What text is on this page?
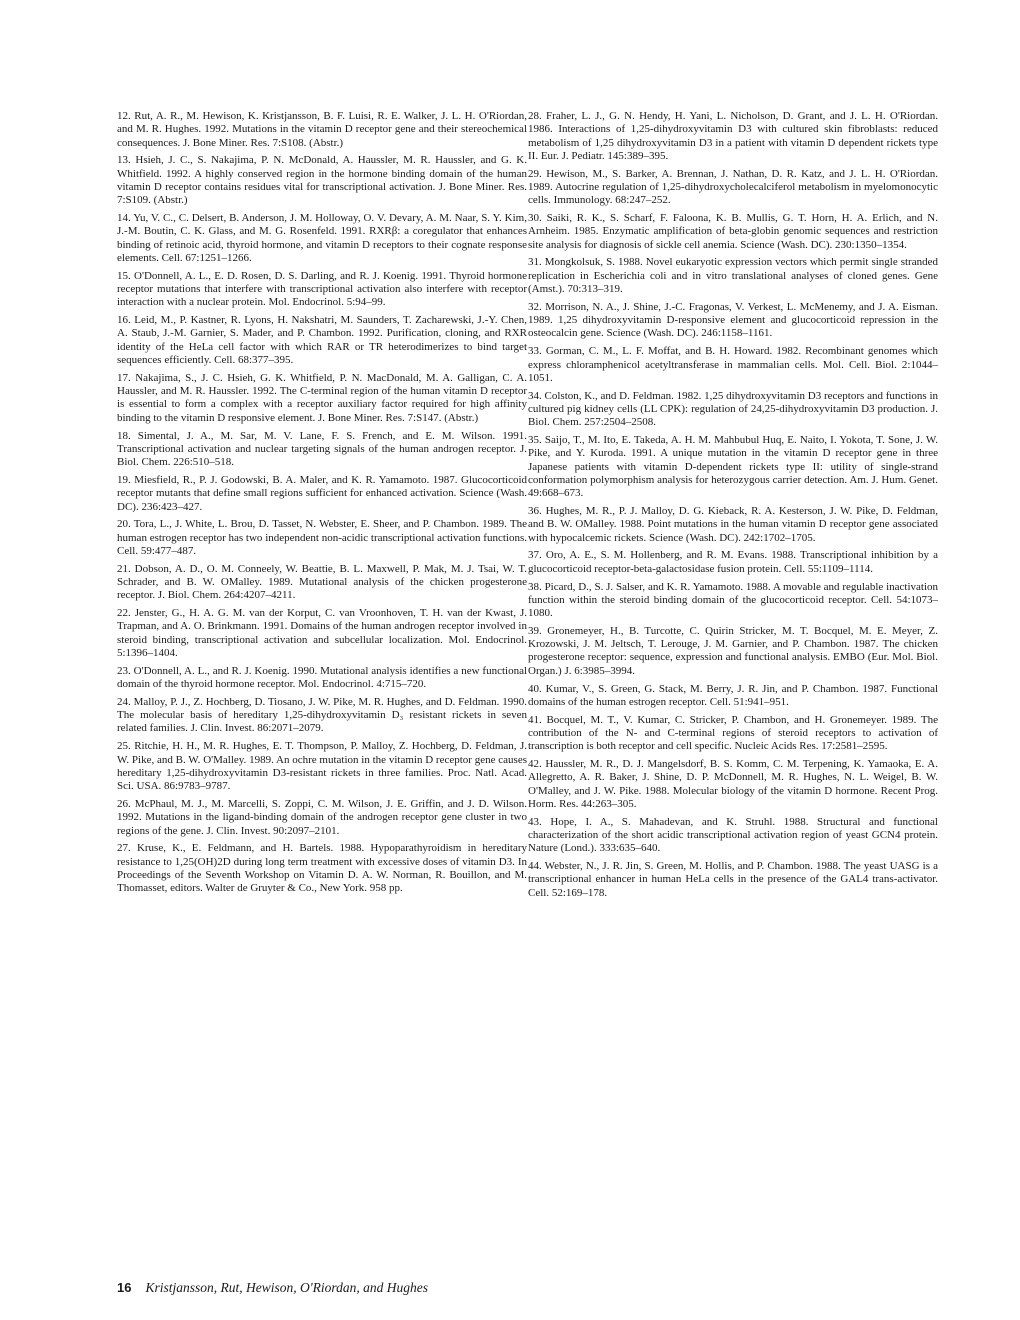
12. Rut, A. R., M. Hewison, K. Kristjansson, B. F. Luisi, R. E. Walker, J. L. H. O'Riordan, and M. R. Hughes. 1992. Mutations in the vitamin D receptor gene and their stereochemical consequences. J. Bone Miner. Res. 7:S108. (Abstr.)

13. Hsieh, J. C., S. Nakajima, P. N. McDonald, A. Haussler, M. R. Haussler, and G. K. Whitfield. 1992. A highly conserved region in the hormone binding domain of the human vitamin D receptor contains residues vital for transcriptional activation. J. Bone Miner. Res. 7:S109. (Abstr.)

14. Yu, V. C., C. Delsert, B. Anderson, J. M. Holloway, O. V. Devary, A. M. Naar, S. Y. Kim, J.-M. Boutin, C. K. Glass, and M. G. Rosenfeld. 1991. RXRβ: a coregulator that enhances binding of retinoic acid, thyroid hormone, and vitamin D receptors to their cognate response elements. Cell. 67:1251–1266.

15. O'Donnell, A. L., E. D. Rosen, D. S. Darling, and R. J. Koenig. 1991. Thyroid hormone receptor mutations that interfere with transcriptional activation also interfere with receptor interaction with a nuclear protein. Mol. Endocrinol. 5:94–99.

16. Leid, M., P. Kastner, R. Lyons, H. Nakshatri, M. Saunders, T. Zacharewski, J.-Y. Chen, A. Staub, J.-M. Garnier, S. Mader, and P. Chambon. 1992. Purification, cloning, and RXR identity of the HeLa cell factor with which RAR or TR heterodimerizes to bind target sequences efficiently. Cell. 68:377–395.

17. Nakajima, S., J. C. Hsieh, G. K. Whitfield, P. N. MacDonald, M. A. Galligan, C. A. Haussler, and M. R. Haussler. 1992. The C-terminal region of the human vitamin D receptor is essential to form a complex with a receptor auxiliary factor required for high affinity binding to the vitamin D responsive element. J. Bone Miner. Res. 7:S147. (Abstr.)

18. Simental, J. A., M. Sar, M. V. Lane, F. S. French, and E. M. Wilson. 1991. Transcriptional activation and nuclear targeting signals of the human androgen receptor. J. Biol. Chem. 226:510–518.

19. Miesfield, R., P. J. Godowski, B. A. Maler, and K. R. Yamamoto. 1987. Glucocorticoid receptor mutants that define small regions sufficient for enhanced activation. Science (Wash. DC). 236:423–427.

20. Tora, L., J. White, L. Brou, D. Tasset, N. Webster, E. Sheer, and P. Chambon. 1989. The human estrogen receptor has two independent non-acidic transcriptional activation functions. Cell. 59:477–487.

21. Dobson, A. D., O. M. Conneely, W. Beattie, B. L. Maxwell, P. Mak, M. J. Tsai, W. T. Schrader, and B. W. OMalley. 1989. Mutational analysis of the chicken progesterone receptor. J. Biol. Chem. 264:4207–4211.

22. Jenster, G., H. A. G. M. van der Korput, C. van Vroonhoven, T. H. van der Kwast, J. Trapman, and A. O. Brinkmann. 1991. Domains of the human androgen receptor involved in steroid binding, transcriptional activation and subcellular localization. Mol. Endocrinol. 5:1396–1404.

23. O'Donnell, A. L., and R. J. Koenig. 1990. Mutational analysis identifies a new functional domain of the thyroid hormone receptor. Mol. Endocrinol. 4:715–720.

24. Malloy, P. J., Z. Hochberg, D. Tiosano, J. W. Pike, M. R. Hughes, and D. Feldman. 1990. The molecular basis of hereditary 1,25-dihydroxyvitamin D₃ resistant rickets in seven related families. J. Clin. Invest. 86:2071–2079.

25. Ritchie, H. H., M. R. Hughes, E. T. Thompson, P. Malloy, Z. Hochberg, D. Feldman, J. W. Pike, and B. W. O'Malley. 1989. An ochre mutation in the vitamin D receptor gene causes hereditary 1,25-dihydroxyvitamin D3-resistant rickets in three families. Proc. Natl. Acad. Sci. USA. 86:9783–9787.

26. McPhaul, M. J., M. Marcelli, S. Zoppi, C. M. Wilson, J. E. Griffin, and J. D. Wilson. 1992. Mutations in the ligand-binding domain of the androgen receptor gene cluster in two regions of the gene. J. Clin. Invest. 90:2097–2101.

27. Kruse, K., E. Feldmann, and H. Bartels. 1988. Hypoparathyroidism in hereditary resistance to 1,25(OH)2D during long term treatment with excessive doses of vitamin D3. In Proceedings of the Seventh Workshop on Vitamin D. A. W. Norman, R. Bouillon, and M. Thomasset, editors. Walter de Gruyter & Co., New York. 958 pp.

28. Fraher, L. J., G. N. Hendy, H. Yani, L. Nicholson, D. Grant, and J. L. H. O'Riordan. 1986. Interactions of 1,25-dihydroxyvitamin D3 with cultured skin fibroblasts: reduced metabolism of 1,25 dihydroxyvitamin D3 in a patient with vitamin D dependent rickets type II. Eur. J. Pediatr. 145:389–395.

29. Hewison, M., S. Barker, A. Brennan, J. Nathan, D. R. Katz, and J. L. H. O'Riordan. 1989. Autocrine regulation of 1,25-dihydroxycholecalciferol metabolism in myelomonocytic cells. Immunology. 68:247–252.

30. Saiki, R. K., S. Scharf, F. Faloona, K. B. Mullis, G. T. Horn, H. A. Erlich, and N. Arnheim. 1985. Enzymatic amplification of beta-globin genomic sequences and restriction site analysis for diagnosis of sickle cell anemia. Science (Wash. DC). 230:1350–1354.

31. Mongkolsuk, S. 1988. Novel eukaryotic expression vectors which permit single stranded replication in Escherichia coli and in vitro translational analyses of cloned genes. Gene (Amst.). 70:313–319.

32. Morrison, N. A., J. Shine, J.-C. Fragonas, V. Verkest, L. McMenemy, and J. A. Eisman. 1989. 1,25 dihydroxyvitamin D-responsive element and glucocorticoid repression in the osteocalcin gene. Science (Wash. DC). 246:1158–1161.

33. Gorman, C. M., L. F. Moffat, and B. H. Howard. 1982. Recombinant genomes which express chloramphenicol acetyltransferase in mammalian cells. Mol. Cell. Biol. 2:1044–1051.

34. Colston, K., and D. Feldman. 1982. 1,25 dihydroxyvitamin D3 receptors and functions in cultured pig kidney cells (LL CPK): regulation of 24,25-dihydroxyvitamin D3 production. J. Biol. Chem. 257:2504–2508.

35. Saijo, T., M. Ito, E. Takeda, A. H. M. Mahbubul Huq, E. Naito, I. Yokota, T. Sone, J. W. Pike, and Y. Kuroda. 1991. A unique mutation in the vitamin D receptor gene in three Japanese patients with vitamin D-dependent rickets type II: utility of single-strand conformation polymorphism analysis for heterozygous carrier detection. Am. J. Hum. Genet. 49:668–673.

36. Hughes, M. R., P. J. Malloy, D. G. Kieback, R. A. Kesterson, J. W. Pike, D. Feldman, and B. W. OMalley. 1988. Point mutations in the human vitamin D receptor gene associated with hypocalcemic rickets. Science (Wash. DC). 242:1702–1705.

37. Oro, A. E., S. M. Hollenberg, and R. M. Evans. 1988. Transcriptional inhibition by a glucocorticoid receptor-beta-galactosidase fusion protein. Cell. 55:1109–1114.

38. Picard, D., S. J. Salser, and K. R. Yamamoto. 1988. A movable and regulable inactivation function within the steroid binding domain of the glucocorticoid receptor. Cell. 54:1073–1080.

39. Gronemeyer, H., B. Turcotte, C. Quirin Stricker, M. T. Bocquel, M. E. Meyer, Z. Krozowski, J. M. Jeltsch, T. Lerouge, J. M. Garnier, and P. Chambon. 1987. The chicken progesterone receptor: sequence, expression and functional analysis. EMBO (Eur. Mol. Biol. Organ.) J. 6:3985–3994.

40. Kumar, V., S. Green, G. Stack, M. Berry, J. R. Jin, and P. Chambon. 1987. Functional domains of the human estrogen receptor. Cell. 51:941–951.

41. Bocquel, M. T., V. Kumar, C. Stricker, P. Chambon, and H. Gronemeyer. 1989. The contribution of the N- and C-terminal regions of steroid receptors to activation of transcription is both receptor and cell specific. Nucleic Acids Res. 17:2581–2595.

42. Haussler, M. R., D. J. Mangelsdorf, B. S. Komm, C. M. Terpening, K. Yamaoka, E. A. Allegretto, A. R. Baker, J. Shine, D. P. McDonnell, M. R. Hughes, N. L. Weigel, B. W. O'Malley, and J. W. Pike. 1988. Molecular biology of the vitamin D hormone. Recent Prog. Horm. Res. 44:263–305.

43. Hope, I. A., S. Mahadevan, and K. Struhl. 1988. Structural and functional characterization of the short acidic transcriptional activation region of yeast GCN4 protein. Nature (Lond.). 333:635–640.

44. Webster, N., J. R. Jin, S. Green, M. Hollis, and P. Chambon. 1988. The yeast UASG is a transcriptional enhancer in human HeLa cells in the presence of the GAL4 trans-activator. Cell. 52:169–178.

16 Kristjansson, Rut, Hewison, O'Riordan, and Hughes
